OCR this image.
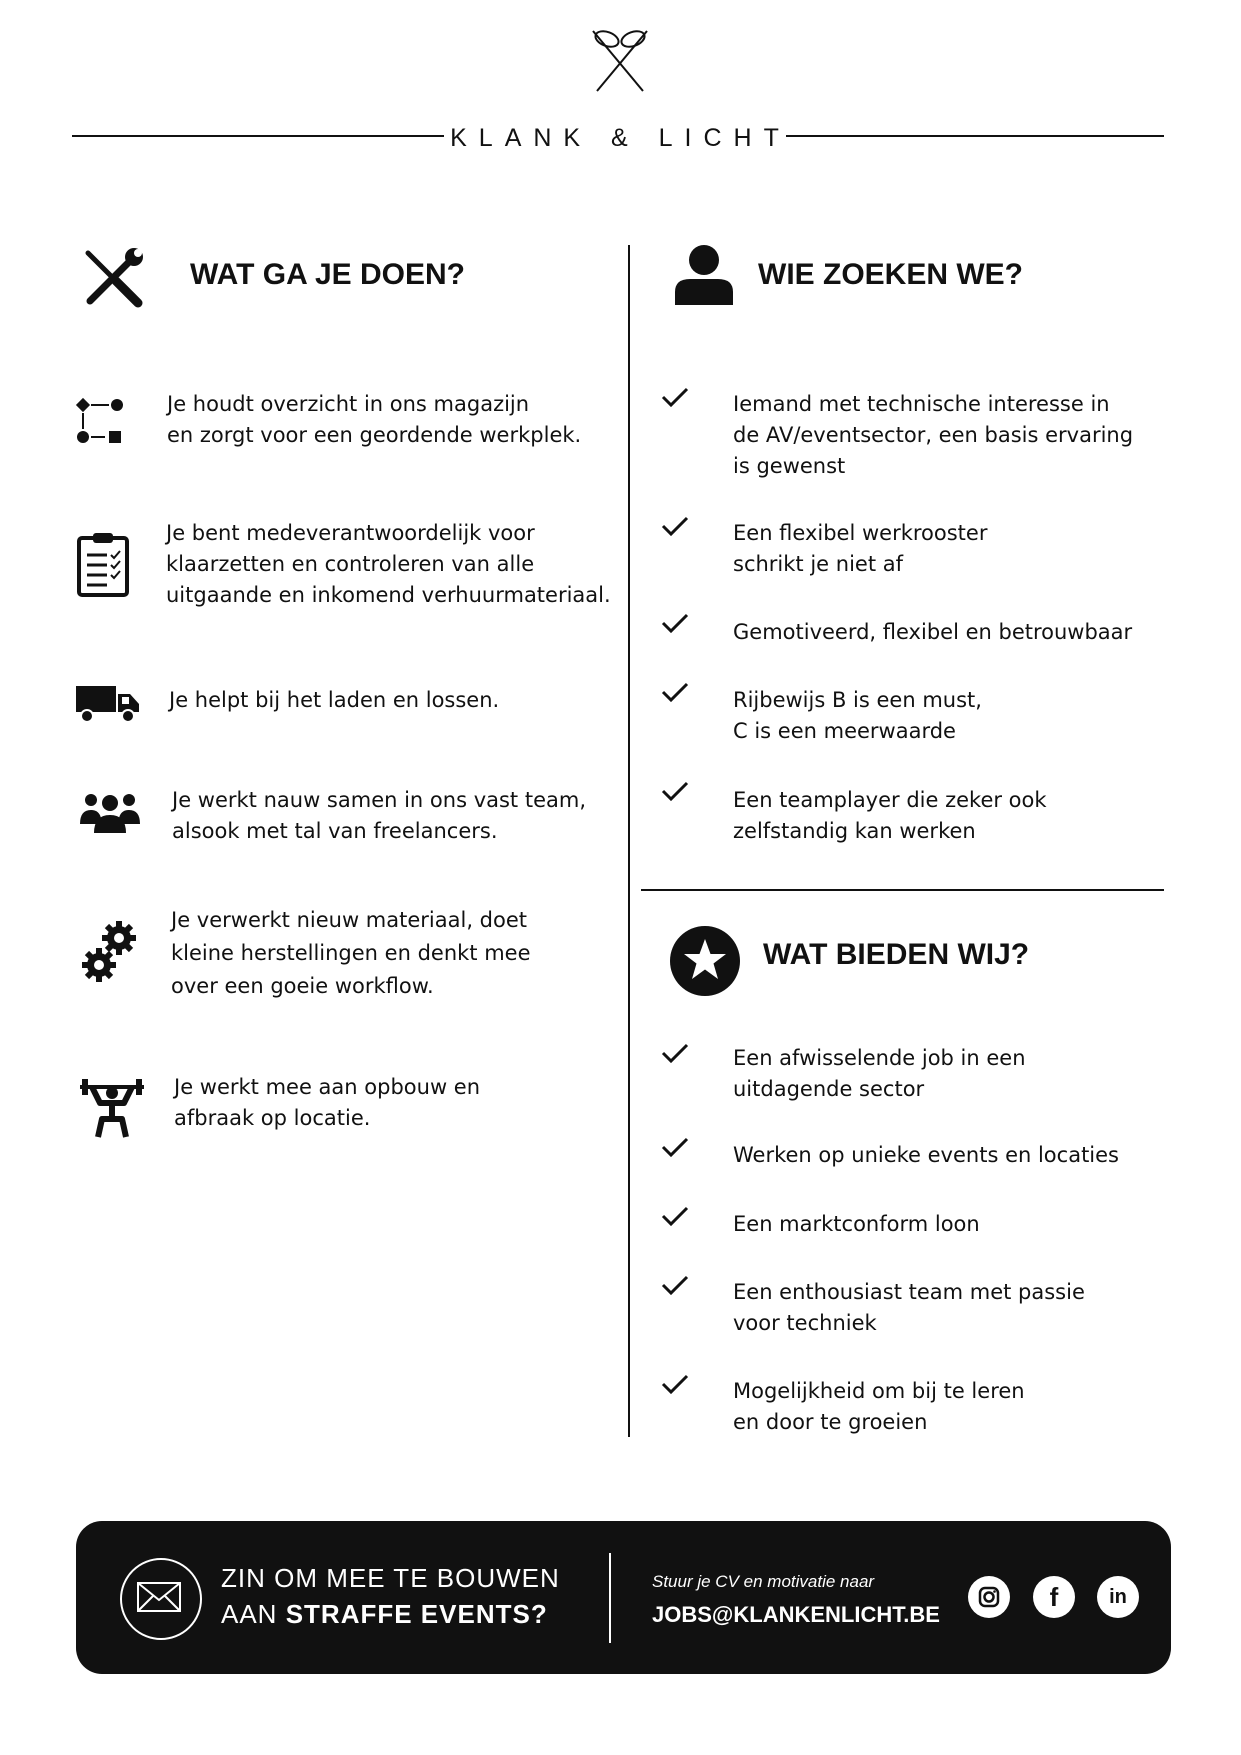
KLANK & LICHT
WAT GA JE DOEN?
Je houdt overzicht in ons magazijn
en zorgt voor een geordende werkplek.
Je bent medeverantwoordelijk voor
klaarzetten en controleren van alle
uitgaande en inkomend verhuurmateriaal.
Je helpt bij het laden en lossen.
Je werkt nauw samen in ons vast team,
alsook met tal van freelancers.
Je verwerkt nieuw materiaal, doet
kleine herstellingen en denkt mee
over een goeie workflow.
Je werkt mee aan opbouw en
afbraak op locatie.
WIE ZOEKEN WE?
Iemand met technische interesse in
de AV/eventsector, een basis ervaring
is gewenst
Een flexibel werkrooster
schrikt je niet af
Gemotiveerd, flexibel en betrouwbaar
Rijbewijs B is een must,
C is een meerwaarde
Een teamplayer die zeker ook
zelfstandig kan werken
WAT BIEDEN WIJ?
Een afwisselende job in een
uitdagende sector
Werken op unieke events en locaties
Een marktconform loon
Een enthousiast team met passie
voor techniek
Mogelijkheid om bij te leren
en door te groeien
ZIN OM MEE TE BOUWEN
AAN STRAFFE EVENTS?
Stuur je CV en motivatie naar
JOBS@KLANKENLICHT.BE
f	in
